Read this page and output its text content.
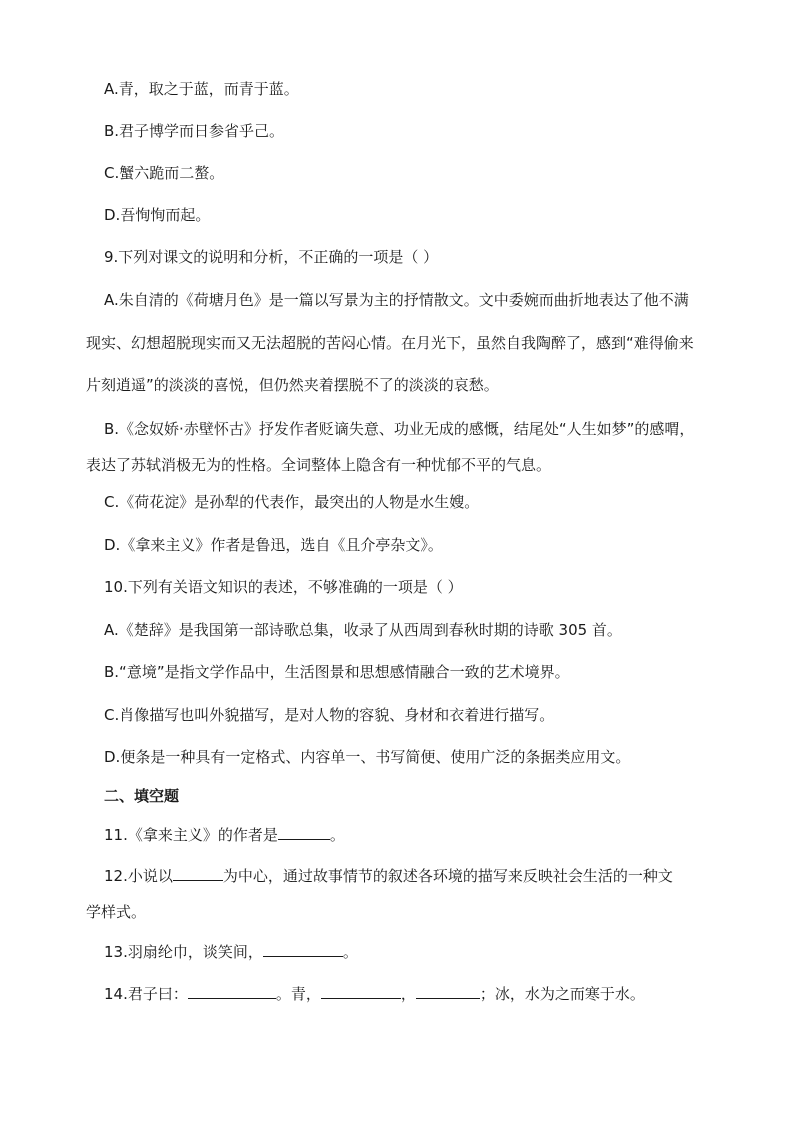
A.青，取之于蓝，而青于蓝。
B.君子博学而日参省乎己。
C.蟹六跪而二螯。
D.吾恂恂而起。
9.下列对课文的说明和分析，不正确的一项是（ ）
A.朱自清的《荷塘月色》是一篇以写景为主的抒情散文。文中委婉而曲折地表达了他不满
现实、幻想超脱现实而又无法超脱的苦闷心情。在月光下，虽然自我陶醉了，感到“难得偷来
片刻逍遥”的淡淡的喜悦，但仍然夹着摆脱不了的淡淡的哀愁。
B.《念奴娇·赤壁怀古》抒发作者贬谪失意、功业无成的感慨，结尾处“人生如梦”的感喟，
表达了苏轼消极无为的性格。全词整体上隐含有一种忧郁不平的气息。
C.《荷花淀》是孙犁的代表作，最突出的人物是水生嫂。
D.《拿来主义》作者是鲁迅，选自《且介亭杂文》。
10.下列有关语文知识的表述，不够准确的一项是（ ）
A.《楚辞》是我国第一部诗歌总集，收录了从西周到春秋时期的诗歌 305 首。
B.“意境”是指文学作品中，生活图景和思想感情融合一致的艺术境界。
C.肖像描写也叫外貌描写，是对人物的容貌、身材和衣着进行描写。
D.便条是一种具有一定格式、内容单一、书写简便、使用广泛的条据类应用文。
二、填空题
11.《拿来主义》的作者是	。
12.小说以	为中心，通过故事情节的叙述各环境的描写来反映社会生活的一种文
学样式。
13.羽扇纶巾，谈笑间，	。
14.君子曰：	。青，	，	；冰，水为之而寒于水。
